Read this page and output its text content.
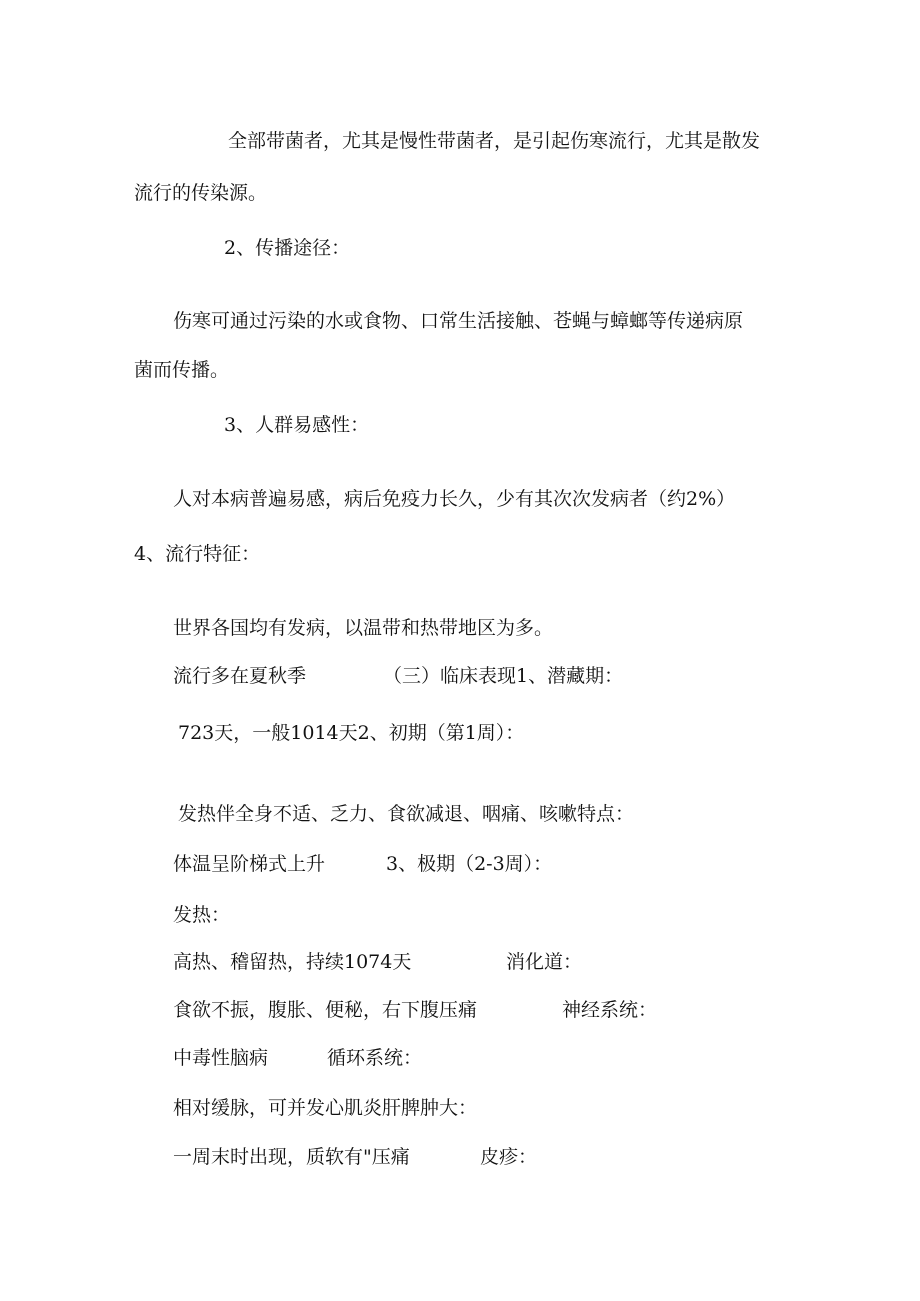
全部带菌者，尤其是慢性带菌者，是引起伤寒流行，尤其是散发
流行的传染源。
2、传播途径：
伤寒可通过污染的水或食物、口常生活接触、苍蝇与蟑螂等传递病原
菌而传播。
3、人群易感性：
人对本病普遍易感，病后免疫力长久，少有其次次发病者（约2%）
4、流行特征：
世界各国均有发病，以温带和热带地区为多。
流行多在夏秋季	（三）临床表现1、潜藏期：
723天，一般1014天2、初期（第1周）：
发热伴全身不适、乏力、食欲减退、咽痛、咳嗽特点：
体温呈阶梯式上升	3、极期（2-3周）：
发热：
高热、稽留热，持续1074天	消化道：
食欲不振，腹胀、便秘，右下腹压痛	神经系统：
中毒性脑病	循环系统：
相对缓脉，可并发心肌炎肝脾肿大：
一周末时出现，质软有"压痛	皮疹：
